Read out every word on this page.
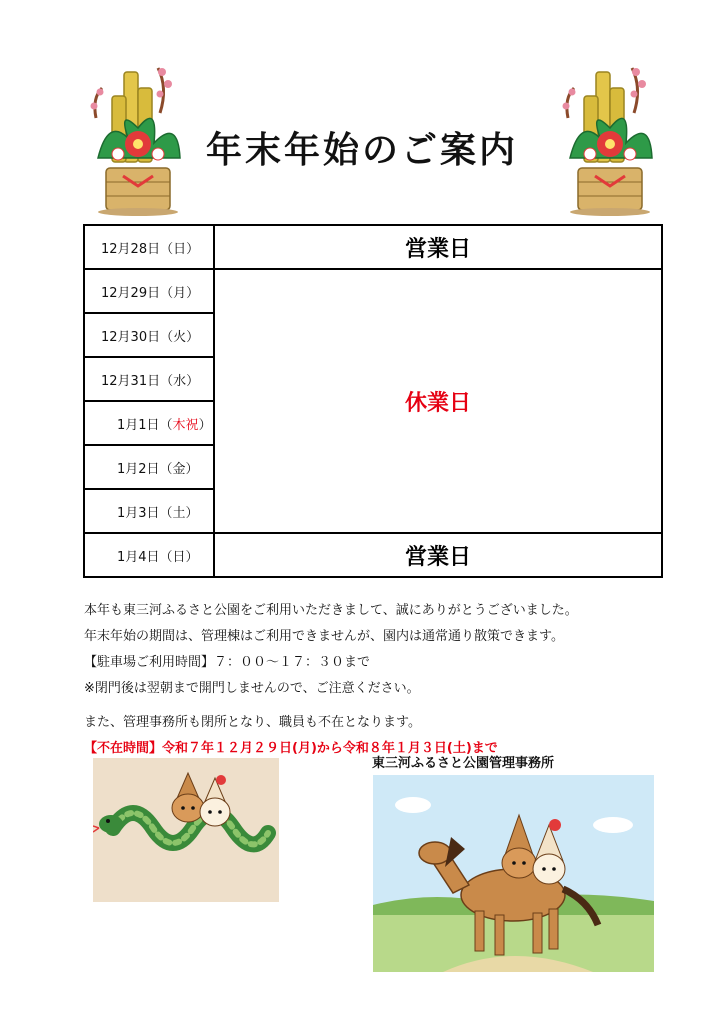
年末年始のご案内
12月28日（日）	営業日
12月29日（月）	休業日
12月30日（火）	
12月31日（水）	
1月1日（木祝）	
1月2日（金）	
1月3日（土）	
1月4日（日）	営業日

本年も東三河ふるさと公園をご利用いただきまして、誠にありがとうございました。

年末年始の期間は、管理棟はご利用できませんが、園内は通常通り散策できます。

【駐車場ご利用時間】７：００～１７：３０まで

※閉門後は翌朝まで開門しませんので、ご注意ください。

また、管理事務所も閉所となり、職員も不在となります。

【不在時間】令和７年１２月２９日(月)から令和８年１月３日(土)まで

東三河ふるさと公園管理事務所
